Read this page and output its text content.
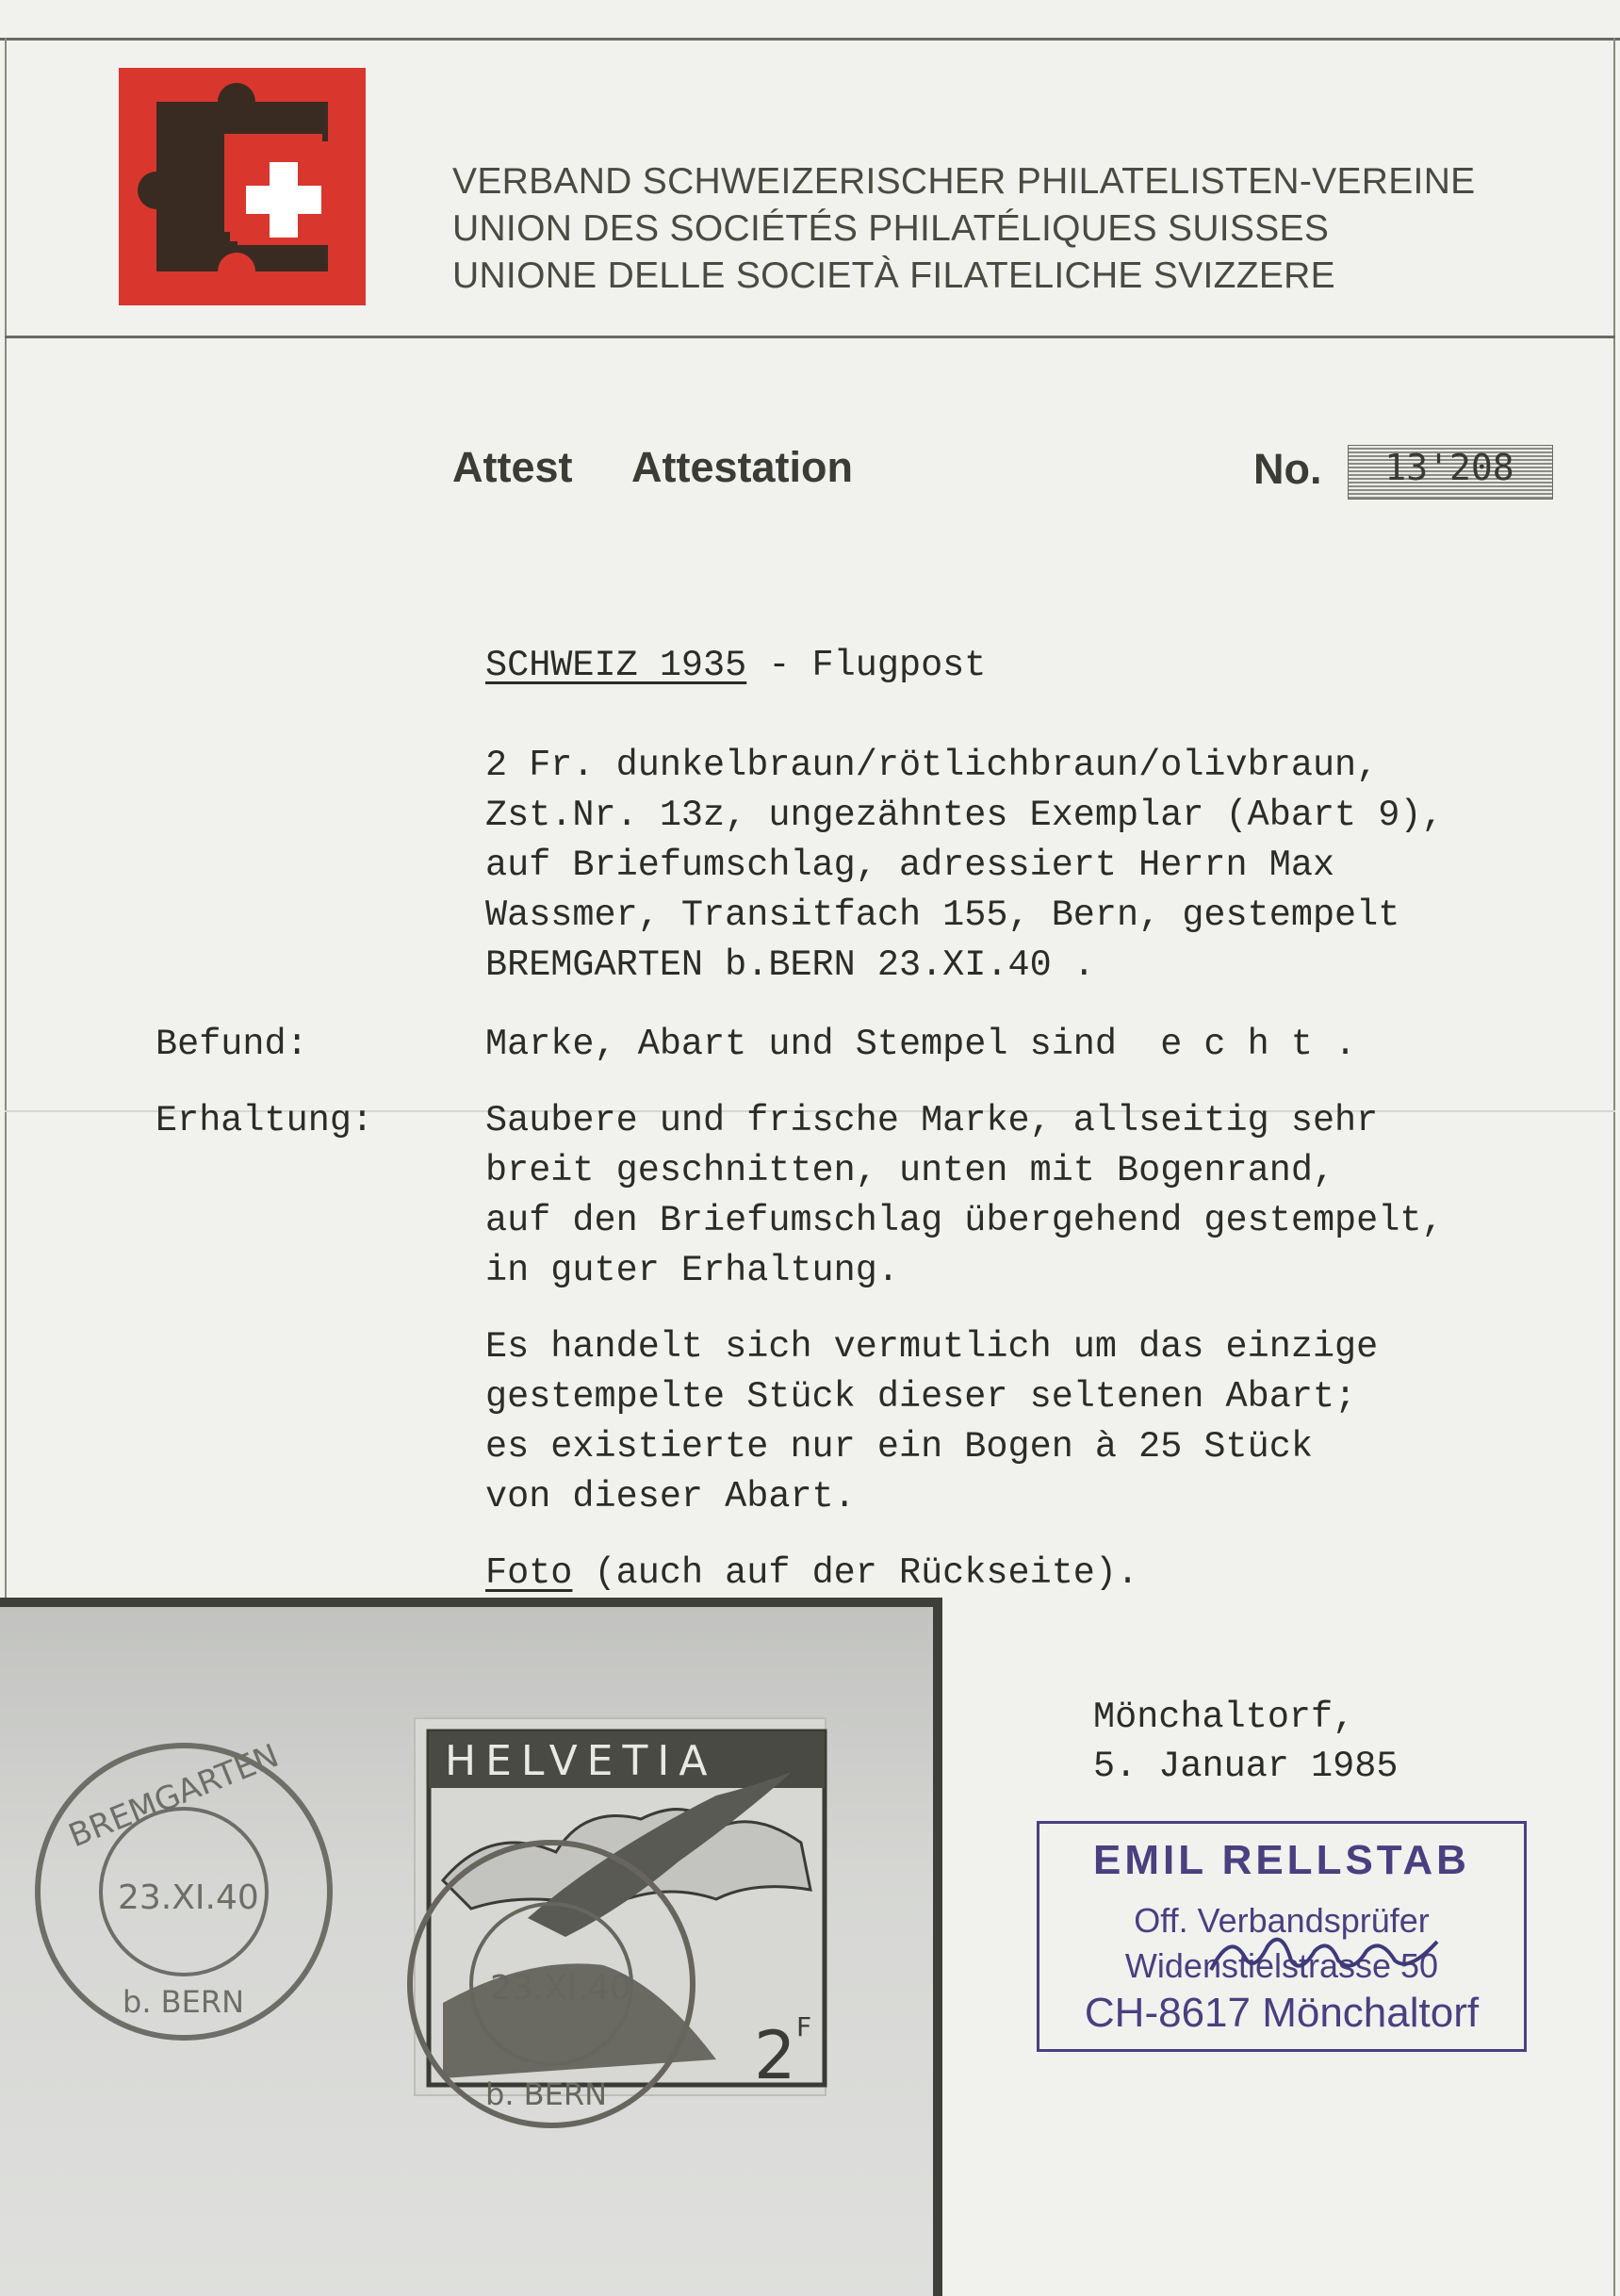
VERBAND SCHWEIZERISCHER PHILATELISTEN-VEREINE
UNION DES SOCIÉTÉS PHILATÉLIQUES SUISSES
UNIONE DELLE SOCIETÀ FILATELICHE SVIZZERE
Attest Attestation	No.	13'208
SCHWEIZ 1935 - Flugpost
2 Fr. dunkelbraun/rötlichbraun/olivbraun,
Zst.Nr. 13z, ungezähntes Exemplar (Abart 9),
auf Briefumschlag, adressiert Herrn Max
Wassmer, Transitfach 155, Bern, gestempelt
BREMGARTEN b.BERN 23.XI.40 .
Befund:	Marke, Abart und Stempel sind  e c h t .
Erhaltung:	Saubere und frische Marke, allseitig sehr
breit geschnitten, unten mit Bogenrand,
auf den Briefumschlag übergehend gestempelt,
in guter Erhaltung.
Es handelt sich vermutlich um das einzige
gestempelte Stück dieser seltenen Abart;
es existierte nur ein Bogen à 25 Stück
von dieser Abart.
Foto (auch auf der Rückseite).
HELVETIA
2 F
BREMGARTEN
23.XI.40
b. BERN	23.XI.40
b. BERN
Mönchaltorf,
5. Januar 1985
EMIL RELLSTAB
Off. Verbandsprüfer
Widenstielstrasse 50
CH-8617 Mönchaltorf
